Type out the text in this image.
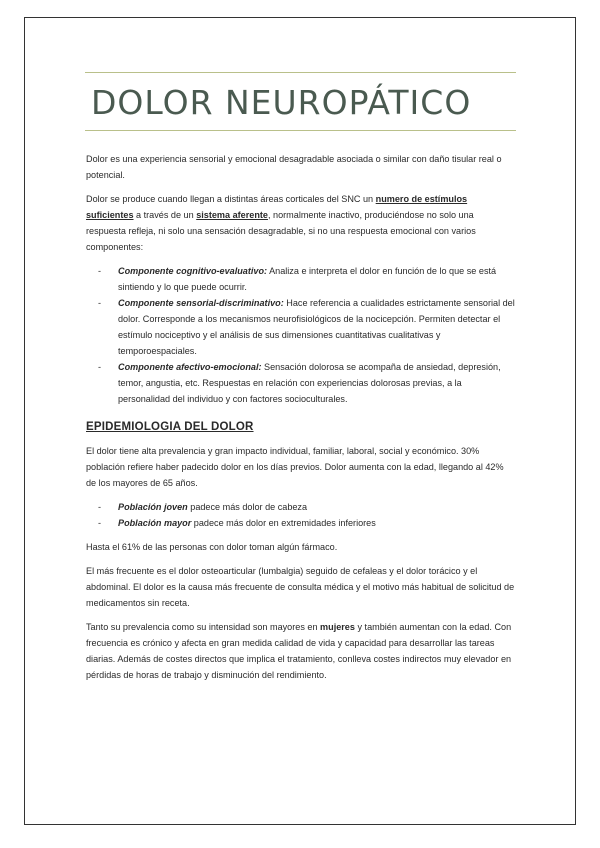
DOLOR NEUROPÁTICO

Dolor es una experiencia sensorial y emocional desagradable asociada o similar con daño tisular real o potencial.

Dolor se produce cuando llegan a distintas áreas corticales del SNC un numero de estímulos suficientes a través de un sistema aferente, normalmente inactivo, produciéndose no solo una respuesta refleja, ni solo una sensación desagradable, si no una respuesta emocional con varios componentes:

- Componente cognitivo-evaluativo: Analiza e interpreta el dolor en función de lo que se está sintiendo y lo que puede ocurrir.
- Componente sensorial-discriminativo: Hace referencia a cualidades estrictamente sensorial del dolor. Corresponde a los mecanismos neurofisiológicos de la nocicepción. Permiten detectar el estímulo nociceptivo y el análisis de sus dimensiones cuantitativas cualitativas y temporoespaciales.
- Componente afectivo-emocional: Sensación dolorosa se acompaña de ansiedad, depresión, temor, angustia, etc. Respuestas en relación con experiencias dolorosas previas, a la personalidad del individuo y con factores socioculturales.
EPIDEMIOLOGIA DEL DOLOR

El dolor tiene alta prevalencia y gran impacto individual, familiar, laboral, social y económico. 30% población refiere haber padecido dolor en los días previos. Dolor aumenta con la edad, llegando al 42% de los mayores de 65 años.

- Población joven padece más dolor de cabeza
- Población mayor padece más dolor en extremidades inferiores

Hasta el 61% de las personas con dolor toman algún fármaco.

El más frecuente es el dolor osteoarticular (lumbalgia) seguido de cefaleas y el dolor torácico y el abdominal. El dolor es la causa más frecuente de consulta médica y el motivo más habitual de solicitud de medicamentos sin receta.

Tanto su prevalencia como su intensidad son mayores en mujeres y también aumentan con la edad. Con frecuencia es crónico y afecta en gran medida calidad de vida y capacidad para desarrollar las tareas diarias. Además de costes directos que implica el tratamiento, conlleva costes indirectos muy elevador en pérdidas de horas de trabajo y disminución del rendimiento.
